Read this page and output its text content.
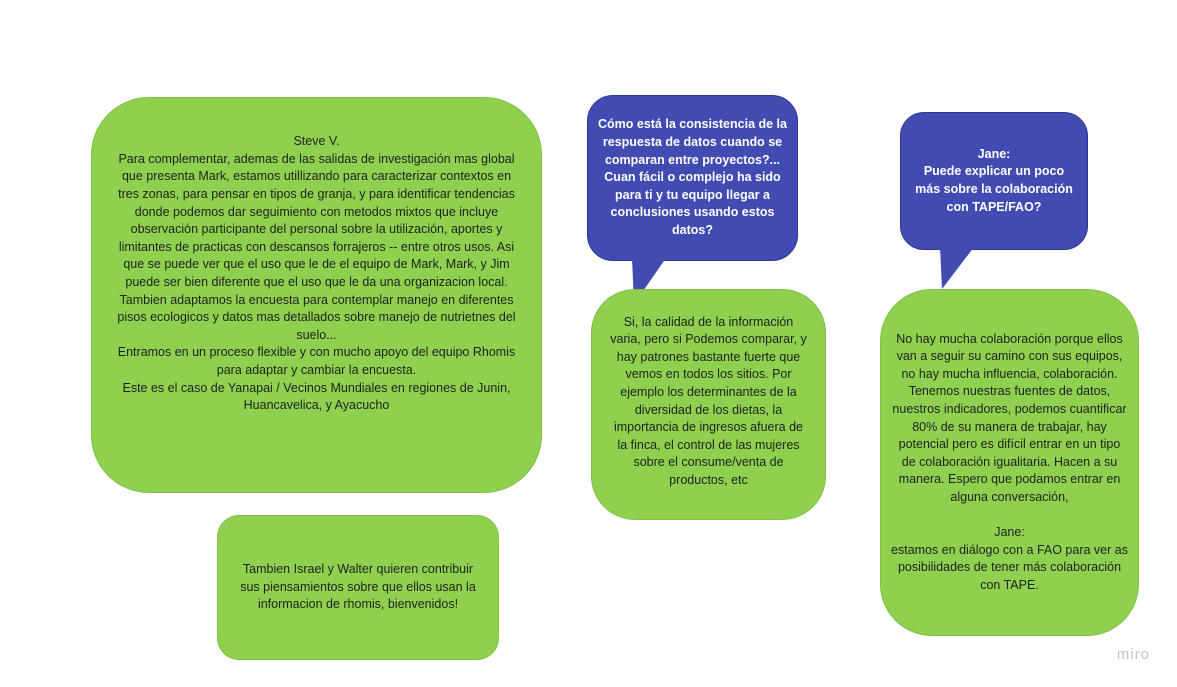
Steve V.
Para complementar, ademas de las salidas de investigación mas global que presenta Mark, estamos utillizando para caracterizar contextos en tres zonas, para pensar en tipos de granja, y para identificar tendencias donde podemos dar seguimiento con metodos mixtos que incluye observación participante del personal sobre la utilización, aportes y limitantes de practicas con descansos forrajeros -- entre otros usos. Asi que se puede ver que el uso que le de el equipo de Mark, Mark, y Jim puede ser bien diferente que el uso que le da una organizacion local. Tambien adaptamos la encuesta para contemplar manejo en diferentes pisos ecologicos y datos mas detallados sobre manejo de nutrietnes del suelo...
Entramos en un proceso flexible y con mucho apoyo del equipo Rhomis para adaptar y cambiar la encuesta.
Este es el caso de Yanapai / Vecinos Mundiales en regiones de Junin, Huancavelica, y Ayacucho
Tambien Israel y Walter quieren contribuir sus piensamientos sobre que ellos usan la informacion de rhomis, bienvenidos!
Cómo está la consistencia de la respuesta de datos cuando se comparan entre proyectos?... Cuan fácil o complejo ha sido para ti y tu equipo llegar a conclusiones usando estos datos?
Si, la calidad de la información varia, pero si Podemos comparar, y hay patrones bastante fuerte que vemos en todos los sitios. Por ejemplo los determinantes de la diversidad de los dietas, la importancia de ingresos afuera de la finca, el control de las mujeres sobre el consume/venta de productos, etc
Jane:
Puede explicar un poco más sobre la colaboración con TAPE/FAO?
No hay mucha colaboración porque ellos van a seguir su camino con sus equipos, no hay mucha influencia, colaboración. Tenemos nuestras fuentes de datos, nuestros indicadores, podemos cuantificar 80% de su manera de trabajar, hay potencial pero es difícil entrar en un tipo de colaboración igualitaria. Hacen a su manera. Espero que podamos entrar en alguna conversación,

Jane:
estamos en diálogo con a FAO para ver as posibilidades de tener más colaboración con TAPE.
miro
